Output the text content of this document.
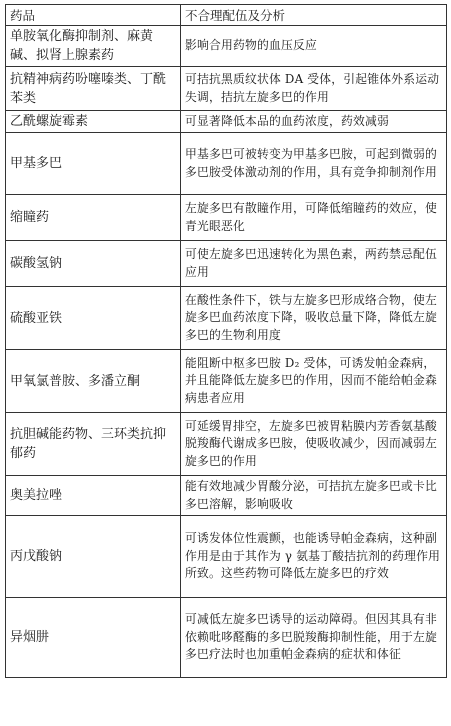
药品	不合理配伍及分析
单胺氧化酶抑制剂、麻黄碱、拟肾上腺素药	影响合用药物的血压反应
抗精神病药吩噻嗪类、丁酰苯类	可拮抗黑质纹状体 DA 受体，引起锥体外系运动失调，拮抗左旋多巴的作用
乙酰螺旋霉素	可显著降低本品的血药浓度，药效减弱
甲基多巴	甲基多巴可被转变为甲基多巴胺，可起到微弱的多巴胺受体激动剂的作用，具有竞争抑制剂作用
缩瞳药	左旋多巴有散瞳作用，可降低缩瞳药的效应，使青光眼恶化
碳酸氢钠	可使左旋多巴迅速转化为黑色素，两药禁忌配伍应用
硫酸亚铁	在酸性条件下，铁与左旋多巴形成络合物，使左旋多巴血药浓度下降，吸收总量下降，降低左旋多巴的生物利用度
甲氧氯普胺、多潘立酮	能阻断中枢多巴胺 D₂ 受体，可诱发帕金森病，并且能降低左旋多巴的作用，因而不能给帕金森病患者应用
抗胆碱能药物、三环类抗抑郁药	可延缓胃排空，左旋多巴被胃粘膜内芳香氨基酸脱羧酶代谢成多巴胺，使吸收减少，因而减弱左旋多巴的作用
奥美拉唑	能有效地减少胃酸分泌，可拮抗左旋多巴或卡比多巴溶解，影响吸收
丙戊酸钠	可诱发体位性震颤，也能诱导帕金森病，这种副作用是由于其作为 γ 氨基丁酸拮抗剂的药理作用所致。这些药物可降低左旋多巴的疗效
异烟肼	可减低左旋多巴诱导的运动障碍。但因其具有非依赖吡哆醛酶的多巴脱羧酶抑制性能，用于左旋多巴疗法时也加重帕金森病的症状和体征
